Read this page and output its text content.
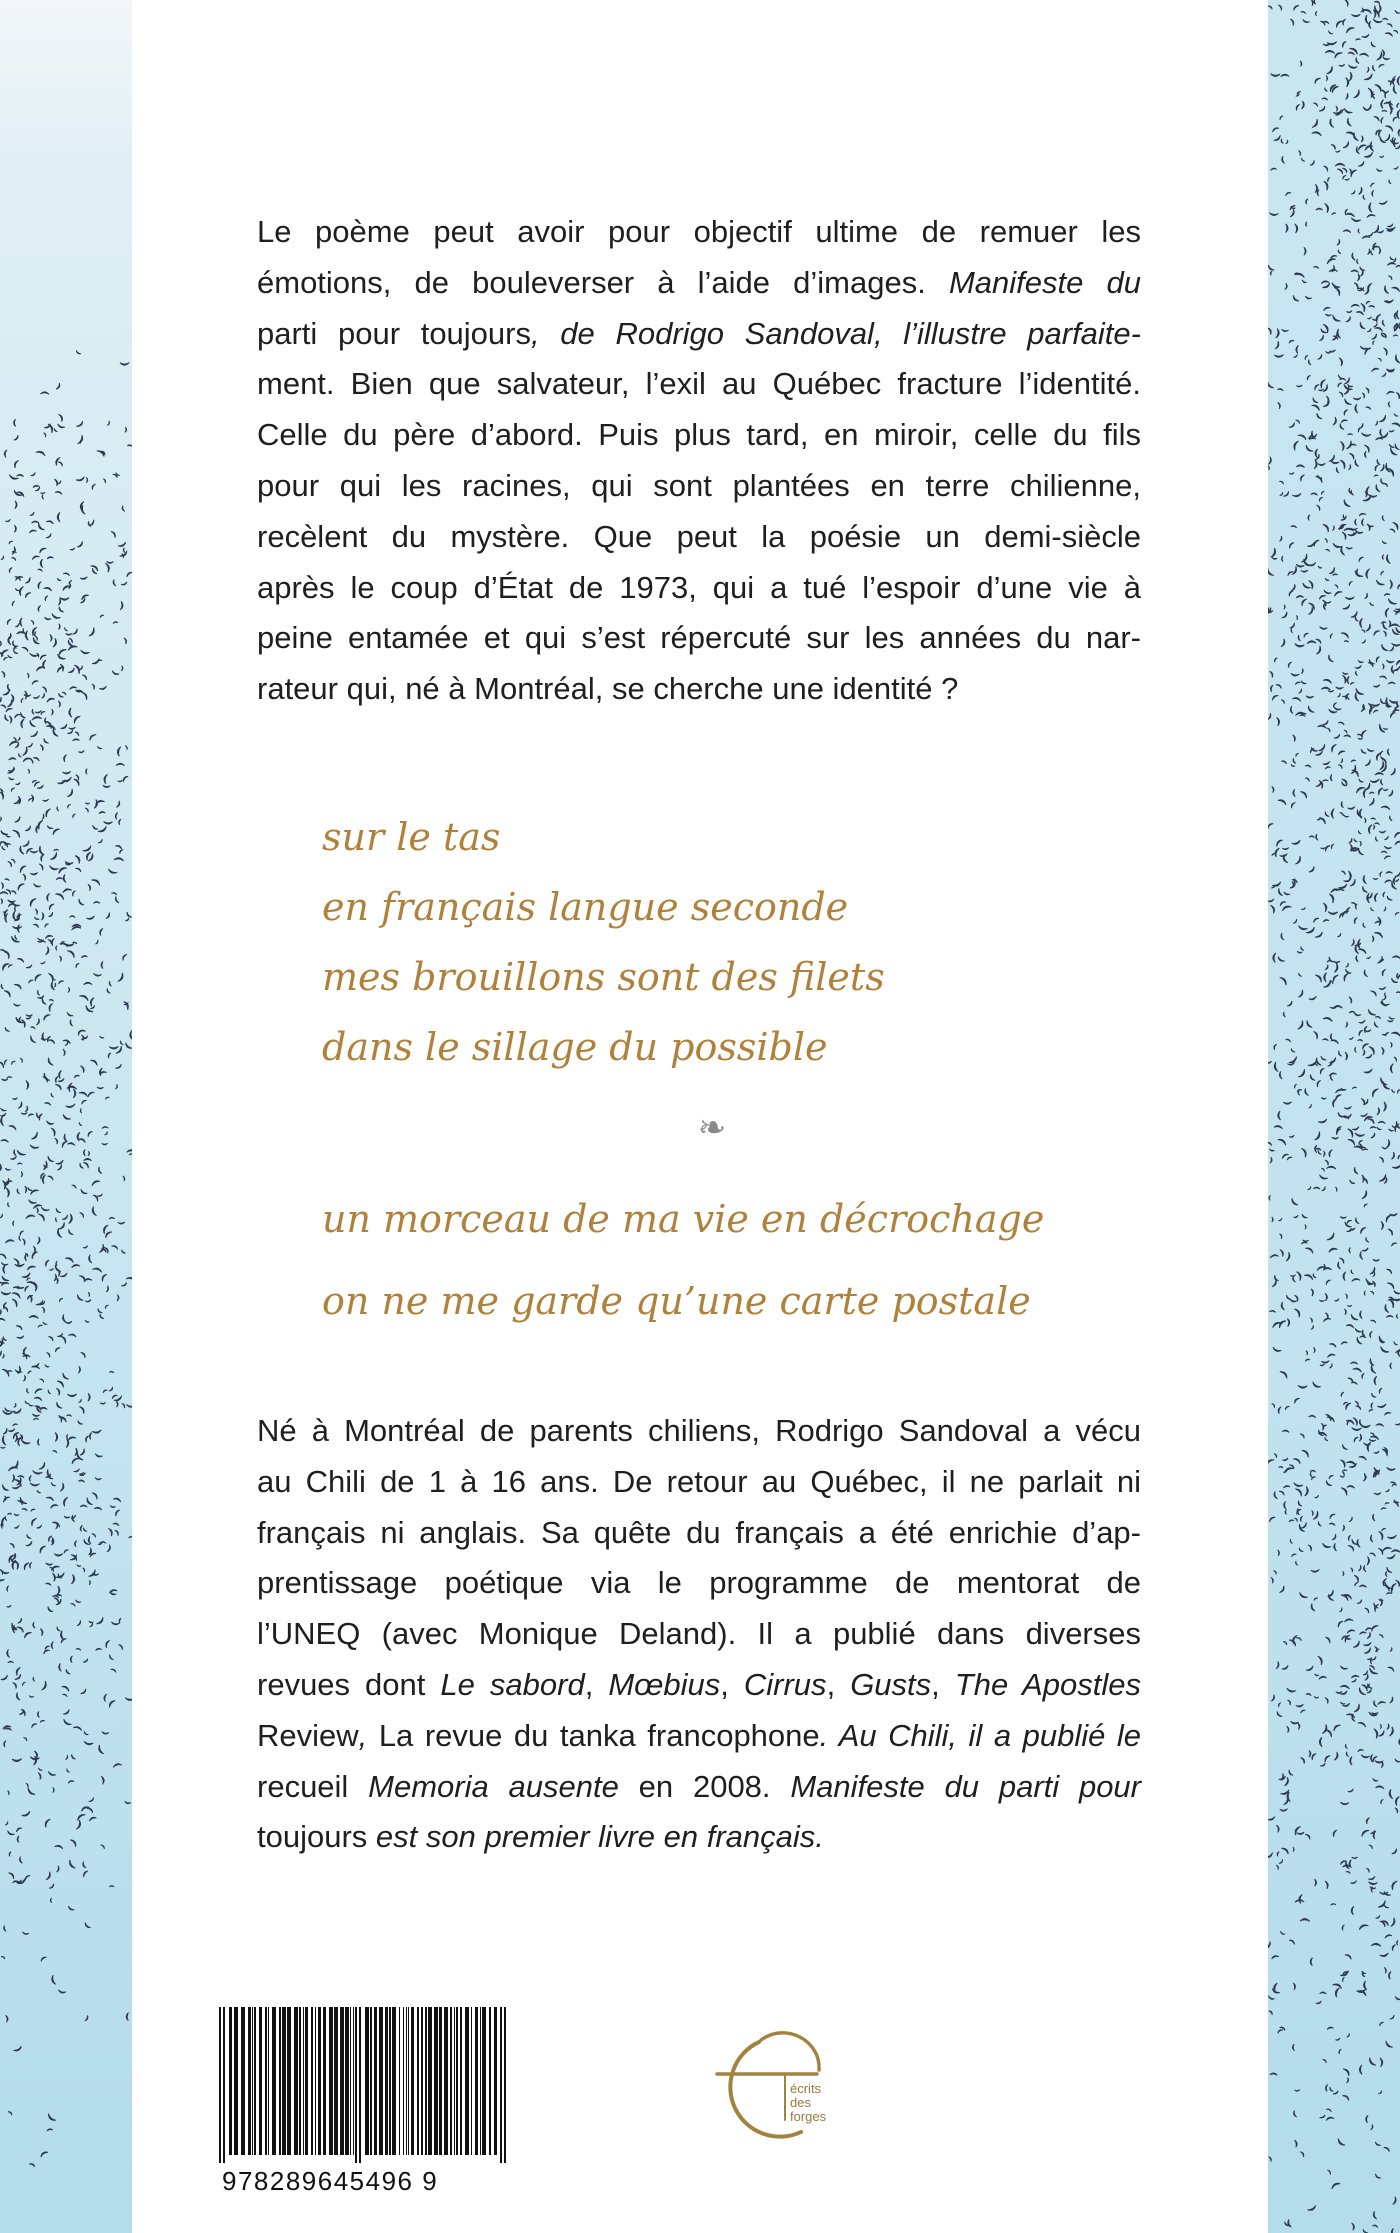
Le poème peut avoir pour objectif ultime de remuer les

émotions, de bouleverser à l’aide d’images. Manifeste du

parti pour toujours, de Rodrigo Sandoval, l’illustre parfaite-

ment. Bien que salvateur, l’exil au Québec fracture l’identité.

Celle du père d’abord. Puis plus tard, en miroir, celle du fils

pour qui les racines, qui sont plantées en terre chilienne,

recèlent du mystère. Que peut la poésie un demi-siècle

après le coup d’État de 1973, qui a tué l’espoir d’une vie à

peine entamée et qui s’est répercuté sur les années du nar-

rateur qui, né à Montréal, se cherche une identité ?

sur le tas

en français langue seconde

mes brouillons sont des filets

dans le sillage du possible

❧

un morceau de ma vie en décrochage

on ne me garde qu’une carte postale

Né à Montréal de parents chiliens, Rodrigo Sandoval a vécu

au Chili de 1 à 16 ans. De retour au Québec, il ne parlait ni

français ni anglais. Sa quête du français a été enrichie d’ap-

prentissage poétique via le programme de mentorat de

l’UNEQ (avec Monique Deland). Il a publié dans diverses

revues dont Le sabord, Mœbius, Cirrus, Gusts, The Apostles

Review, La revue du tanka francophone. Au Chili, il a publié le

recueil Memoria ausente en 2008. Manifeste du parti pour

toujours est son premier livre en français.

978289645496 9
écrits
des
forges
